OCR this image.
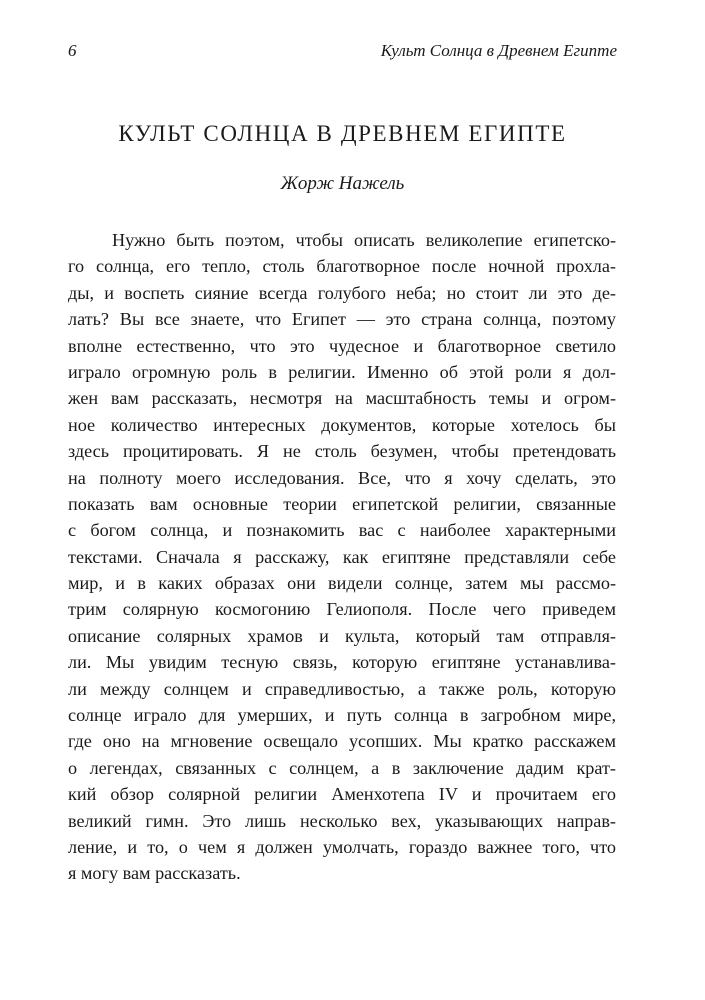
6	Культ Солнца в Древнем Египте
КУЛЬТ СОЛНЦА В ДРЕВНЕМ ЕГИПТЕ

Жорж Нажель

Нужно быть поэтом, чтобы описать великолепие египетско-
го солнца, его тепло, столь благотворное после ночной прохла-
ды, и воспеть сияние всегда голубого неба; но стоит ли это де-
лать? Вы все знаете, что Египет — это страна солнца, поэтому
вполне естественно, что это чудесное и благотворное светило
играло огромную роль в религии. Именно об этой роли я дол-
жен вам рассказать, несмотря на масштабность темы и огром-
ное количество интересных документов, которые хотелось бы
здесь процитировать. Я не столь безумен, чтобы претендовать
на полноту моего исследования. Все, что я хочу сделать, это
показать вам основные теории египетской религии, связанные
с богом солнца, и познакомить вас с наиболее характерными
текстами. Сначала я расскажу, как египтяне представляли себе
мир, и в каких образах они видели солнце, затем мы рассмо-
трим солярную космогонию Гелиополя. После чего приведем
описание солярных храмов и культа, который там отправля-
ли. Мы увидим тесную связь, которую египтяне устанавлива-
ли между солнцем и справедливостью, а также роль, которую
солнце играло для умерших, и путь солнца в загробном мире,
где оно на мгновение освещало усопших. Мы кратко расскажем
о легендах, связанных с солнцем, а в заключение дадим крат-
кий обзор солярной религии Аменхотепа IV и прочитаем его
великий гимн. Это лишь несколько вех, указывающих направ-
ление, и то, о чем я должен умолчать, гораздо важнее того, что
я могу вам рассказать.
